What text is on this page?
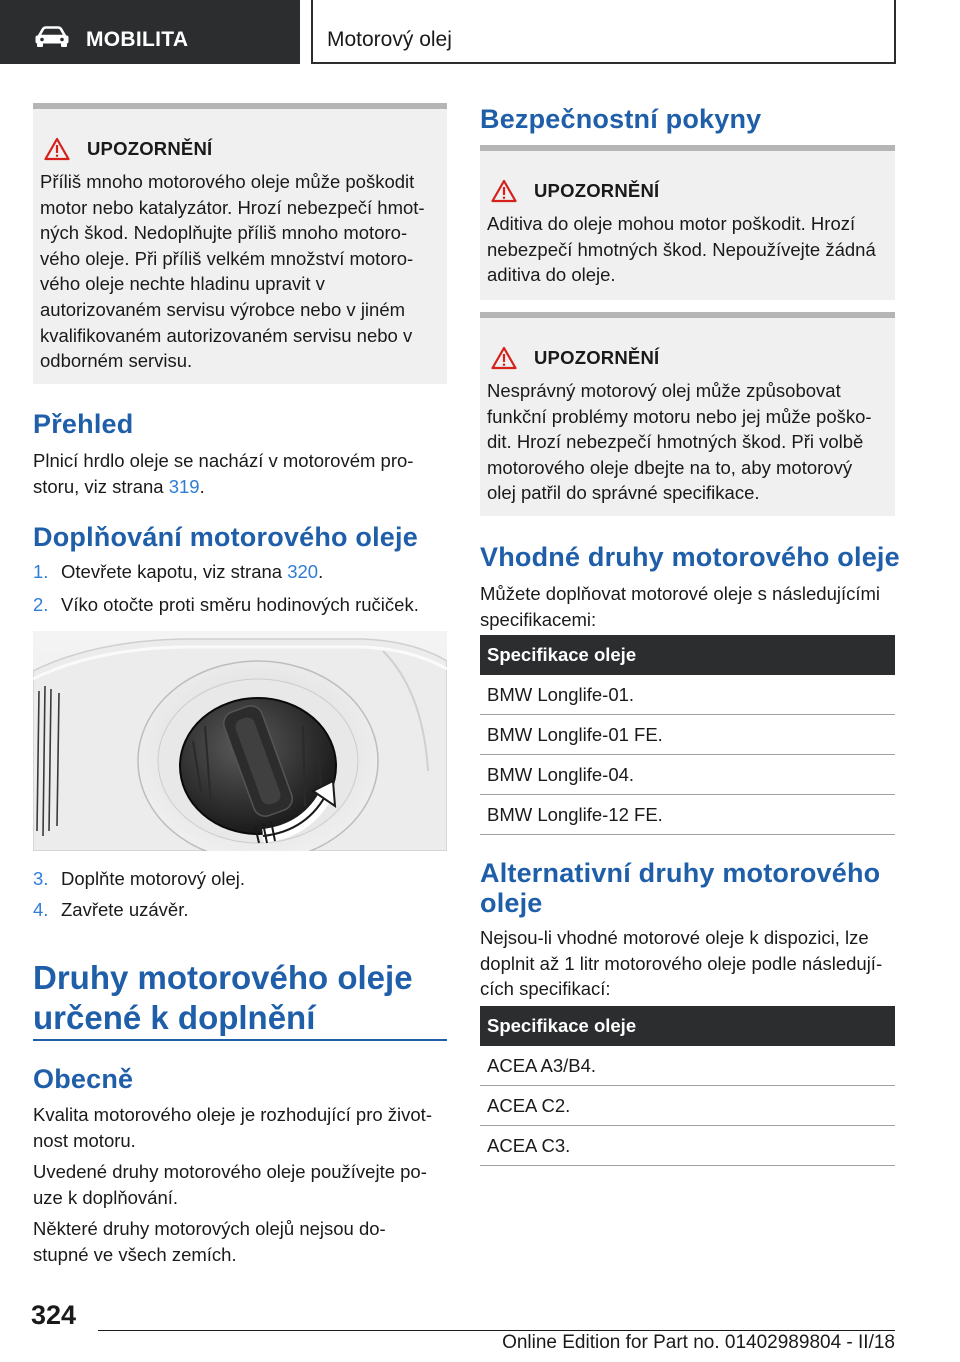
MOBILITA	Motorový olej
UPOZORNĚNÍ
Příliš mnoho motorového oleje může poškodit
motor nebo katalyzátor. Hrozí nebezpečí hmot‐
ných škod. Nedoplňujte příliš mnoho motoro‐
vého oleje. Při příliš velkém množství motoro‐
vého oleje nechte hladinu upravit v
autorizovaném servisu výrobce nebo v jiném
kvalifikovaném autorizovaném servisu nebo v
odborném servisu.
Přehled
Plnicí hrdlo oleje se nachází v motorovém pro‐
storu, viz strana 319.
Doplňování motorového oleje
1. Otevřete kapotu, viz strana 320.
2. Víko otočte proti směru hodinových ručiček.
3. Doplňte motorový olej.
4. Zavřete uzávěr.
Druhy motorového oleje
určené k doplnění
Obecně
Kvalita motorového oleje je rozhodující pro život‐
nost motoru.
Uvedené druhy motorového oleje používejte po‐
uze k doplňování.
Některé druhy motorových olejů nejsou do‐
stupné ve všech zemích.
Bezpečnostní pokyny
UPOZORNĚNÍ
Aditiva do oleje mohou motor poškodit. Hrozí
nebezpečí hmotných škod. Nepoužívejte žádná
aditiva do oleje.
UPOZORNĚNÍ
Nesprávný motorový olej může způsobovat
funkční problémy motoru nebo jej může poško‐
dit. Hrozí nebezpečí hmotných škod. Při volbě
motorového oleje dbejte na to, aby motorový
olej patřil do správné specifikace.
Vhodné druhy motorového oleje
Můžete doplňovat motorové oleje s následujícími
specifikacemi:
Specifikace oleje
BMW Longlife-01.
BMW Longlife-01 FE.
BMW Longlife-04.
BMW Longlife-12 FE.
Alternativní druhy motorového
oleje
Nejsou-li vhodné motorové oleje k dispozici, lze
doplnit až 1 litr motorového oleje podle následují‐
cích specifikací:
Specifikace oleje
ACEA A3/B4.
ACEA C2.
ACEA C3.
324
Online Edition for Part no. 01402989804 - II/18
